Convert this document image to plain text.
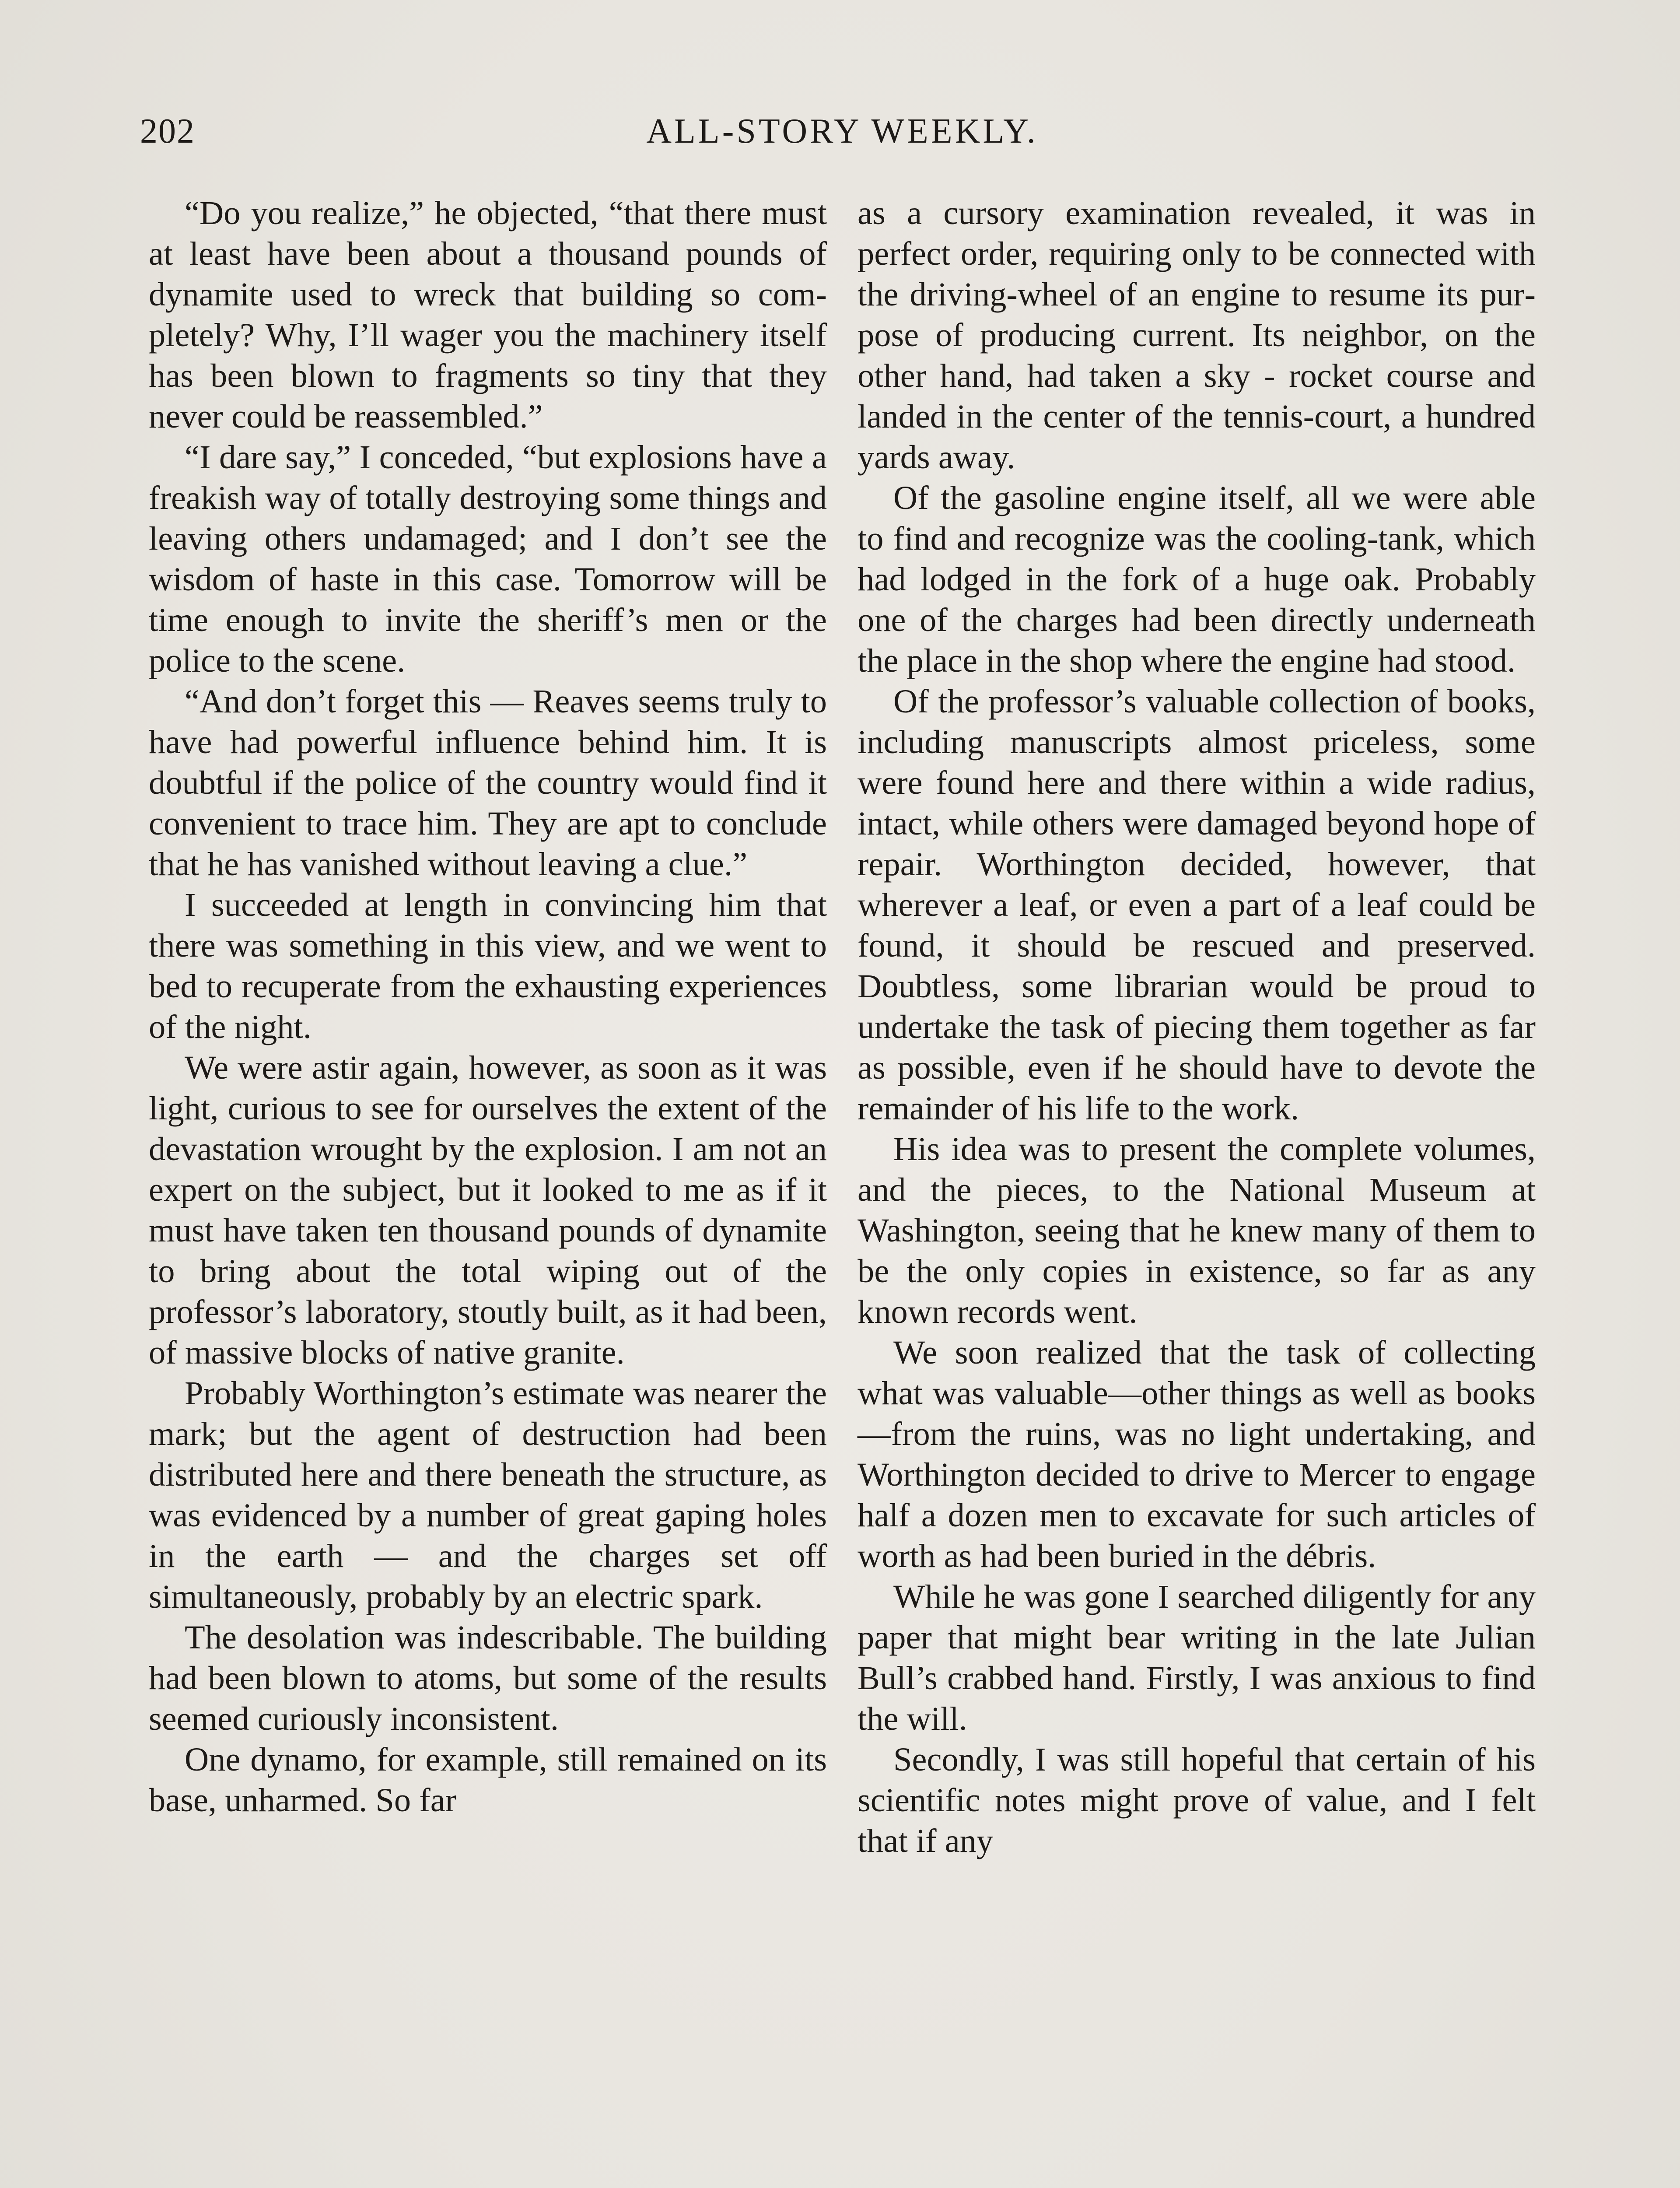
202	ALL-STORY WEEKLY.

“Do you realize,” he objected, “that there must at least have been about a thousand pounds of dynamite used to wreck that building so completely? Why, I’ll wager you the machinery itself has been blown to fragments so tiny that they never could be reassembled.”

“I dare say,” I conceded, “but explosions have a freakish way of totally destroying some things and leaving others undamaged; and I don’t see the wisdom of haste in this case. Tomorrow will be time enough to invite the sheriff’s men or the police to the scene.

“And don’t forget this — Reaves seems truly to have had powerful influence behind him. It is doubtful if the police of the country would find it convenient to trace him. They are apt to conclude that he has vanished without leaving a clue.”

I succeeded at length in convincing him that there was something in this view, and we went to bed to recuperate from the exhausting experiences of the night.

We were astir again, however, as soon as it was light, curious to see for ourselves the extent of the devastation wrought by the explosion. I am not an expert on the subject, but it looked to me as if it must have taken ten thousand pounds of dynamite to bring about the total wiping out of the professor’s laboratory, stoutly built, as it had been, of massive blocks of native granite.

Probably Worthington’s estimate was nearer the mark; but the agent of destruction had been distributed here and there beneath the structure, as was evidenced by a number of great gaping holes in the earth — and the charges set off simultaneously, probably by an electric spark.

The desolation was indescribable. The building had been blown to atoms, but some of the results seemed curiously inconsistent.

One dynamo, for example, still remained on its base, unharmed. So far

as a cursory examination revealed, it was in perfect order, requiring only to be connected with the driving-wheel of an engine to resume its purpose of producing current. Its neighbor, on the other hand, had taken a sky - rocket course and landed in the center of the tennis-court, a hundred yards away.

Of the gasoline engine itself, all we were able to find and recognize was the cooling-tank, which had lodged in the fork of a huge oak. Probably one of the charges had been directly underneath the place in the shop where the engine had stood.

Of the professor’s valuable collection of books, including manuscripts almost priceless, some were found here and there within a wide radius, intact, while others were damaged beyond hope of repair. Worthington decided, however, that wherever a leaf, or even a part of a leaf could be found, it should be rescued and preserved. Doubtless, some librarian would be proud to undertake the task of piecing them together as far as possible, even if he should have to devote the remainder of his life to the work.

His idea was to present the complete volumes, and the pieces, to the National Museum at Washington, seeing that he knew many of them to be the only copies in existence, so far as any known records went.

We soon realized that the task of collecting what was valuable—other things as well as books—from the ruins, was no light undertaking, and Worthington decided to drive to Mercer to engage half a dozen men to excavate for such articles of worth as had been buried in the débris.

While he was gone I searched diligently for any paper that might bear writing in the late Julian Bull’s crabbed hand. Firstly, I was anxious to find the will.

Secondly, I was still hopeful that certain of his scientific notes might prove of value, and I felt that if any
